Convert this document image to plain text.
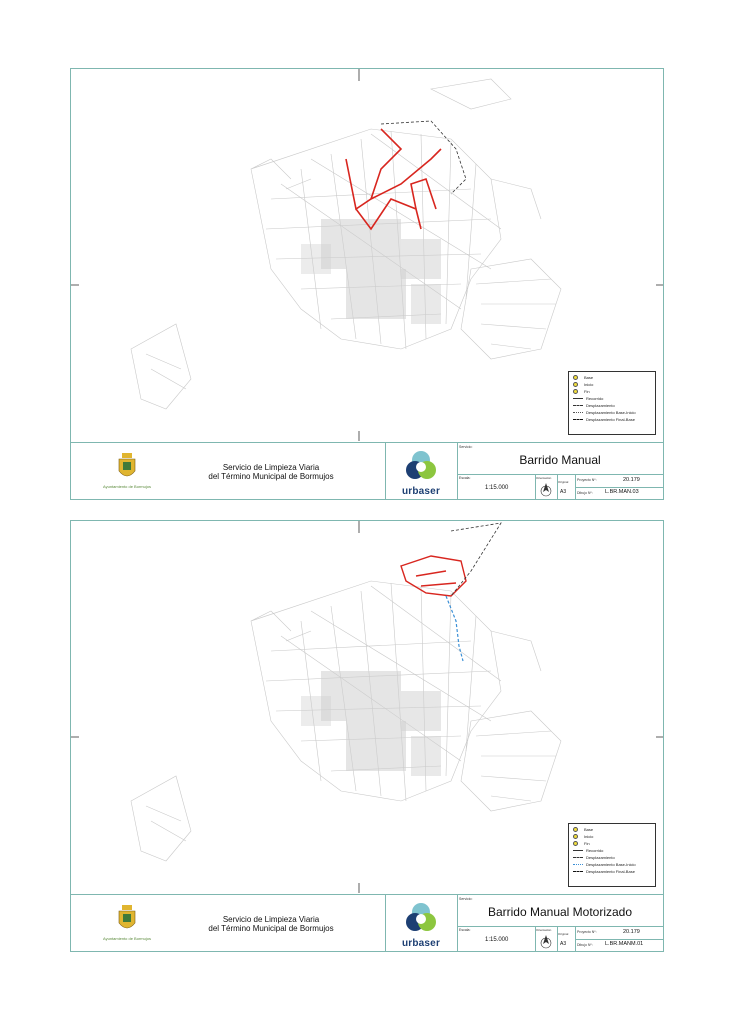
Base
Inicio
Fin
Recorrido
Desplazamiento
Desplazamiento Base-Inicio
Desplazamiento Final-Base
Ayuntamiento de Bormujos
Servicio de Limpieza Viaria
del Término Municipal de Bormujos
urbaser
Servicio:
Barrido Manual
Escala:
1:15.000
Orientación
Original
A3
Proyecto Nº:	20.179
Dibujo Nº: L.BR.MAN.03
Base
Inicio
Fin
Recorrido
Desplazamiento
Desplazamiento Base-Inicio
Desplazamiento Final-Base
Ayuntamiento de Bormujos
Servicio de Limpieza Viaria
del Término Municipal de Bormujos
urbaser
Servicio:
Barrido Manual Motorizado
Escala:
1:15.000
Orientación
Original
A3
Proyecto Nº:	20.179
Dibujo Nº: L.BR.MANM.01
